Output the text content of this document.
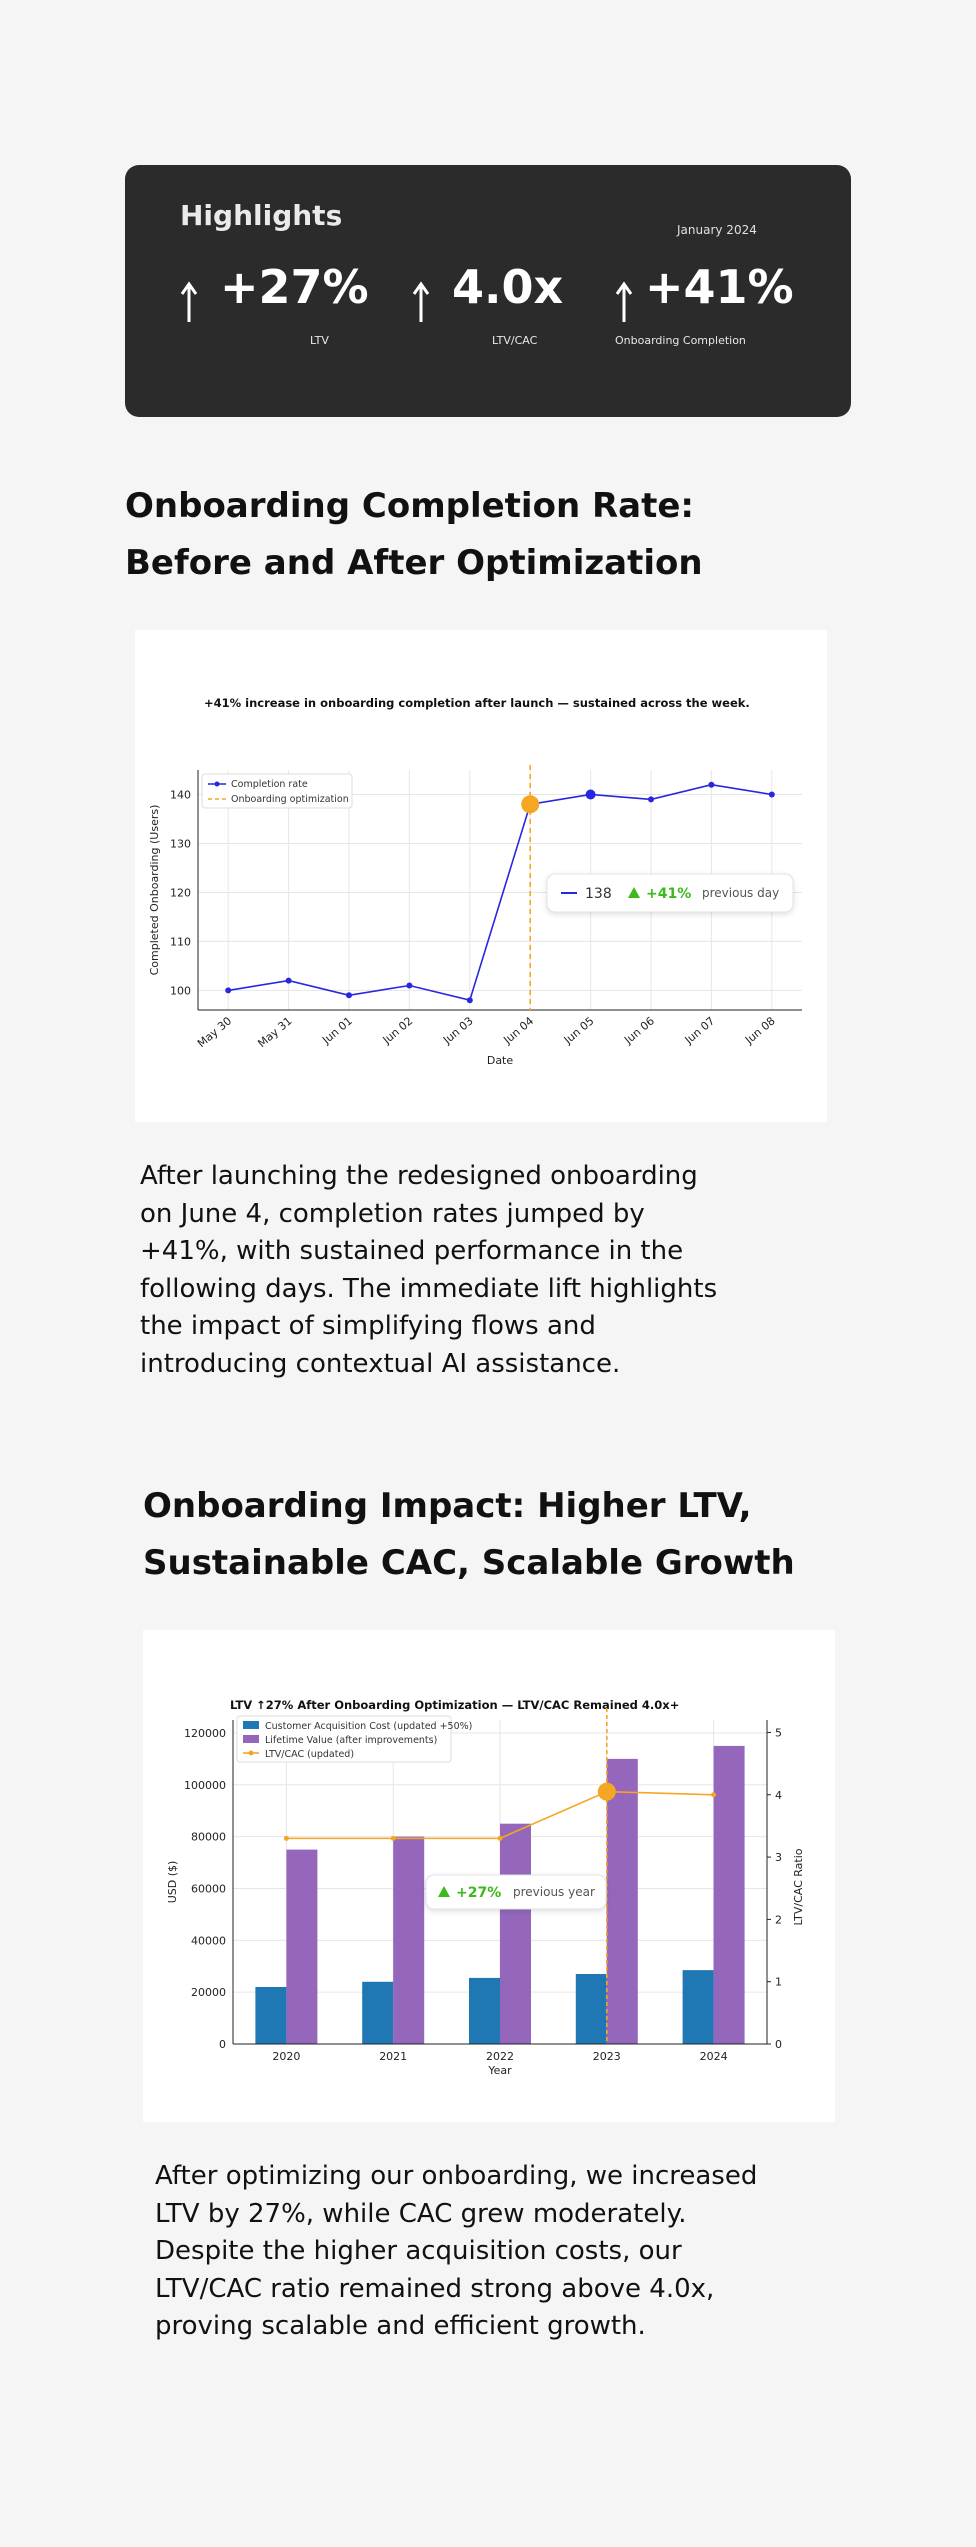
Highlights	January 2024
+27%
LTV
4.0x
LTV/CAC
+41%
Onboarding Completion
Onboarding Completion Rate:
Before and After Optimization
+41% increase in onboarding completion after launch — sustained across the week.
100
110
120
130
140
May 30 May 31 Jun 01 Jun 02 Jun 03 Jun 04 Jun 05 Jun 06 Jun 07 Jun 08
Date
Completed Onboarding (Users)
Completion rate
Onboarding optimization
138 +41% previous day
After launching the redesigned onboarding on June 4, completion rates jumped by +41%, with sustained performance in the following days. The immediate lift highlights the impact of simplifying flows and introducing contextual AI assistance.
Onboarding Impact: Higher LTV,
Sustainable CAC, Scalable Growth
LTV ↑27% After Onboarding Optimization — LTV/CAC Remained 4.0x+
0
20000
40000
60000
80000
100000
120000
0
1
2
3
4
5
2020	2021	2022	2023	2024
Year
USD ($)	LTV/CAC Ratio
Customer Acquisition Cost (updated +50%)
Lifetime Value (after improvements)
LTV/CAC (updated)
+27% previous year
After optimizing our onboarding, we increased LTV by 27%, while CAC grew moderately. Despite the higher acquisition costs, our LTV/CAC ratio remained strong above 4.0x, proving scalable and efficient growth.
